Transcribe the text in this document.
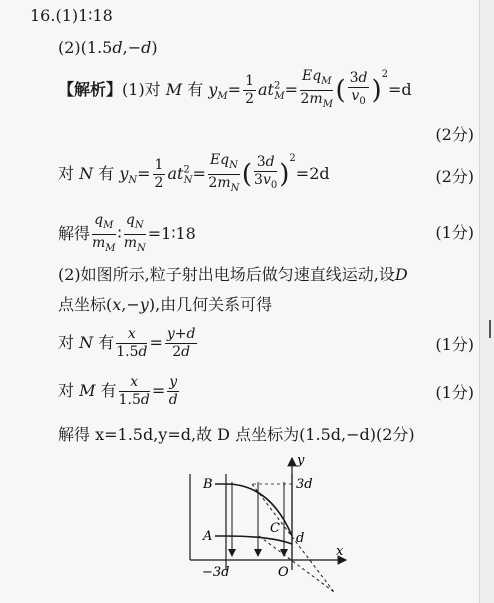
16.(1)1∶18
(2)(1.5d,−d)
【解析】(1)对 M 有 $y_M= \frac{1}{2} at^2_M= \frac{Eq_M}{2m_M}$ ( $\frac{3d}{v_0} )^2=d$
(2分)
对 N 有 $y_N= \frac{1}{2} at^2_N= \frac{Eq_N}{2m_N}$ ( $\frac{3d}{3v_0} )^2=2d$	(2分)
解得 $\frac{q_M}{m_M}$ ∶ $\frac{q_N}{m_N}$ =1∶18	(1分)
(2)如图所示,粒子射出电场后做匀速直线运动,设D
点坐标(x,−y),由几何关系可得
对 N 有 $\frac{x}{1.5d} = \frac{y+d}{2d}$	(1分)
对 M 有 $\frac{x}{1.5d} = \frac{y}{d}$	(1分)
解得 x=1.5d,y=d,故 D 点坐标为(1.5d,−d)(2分)
y
x
B
A
C
d
3d
−3d	O
